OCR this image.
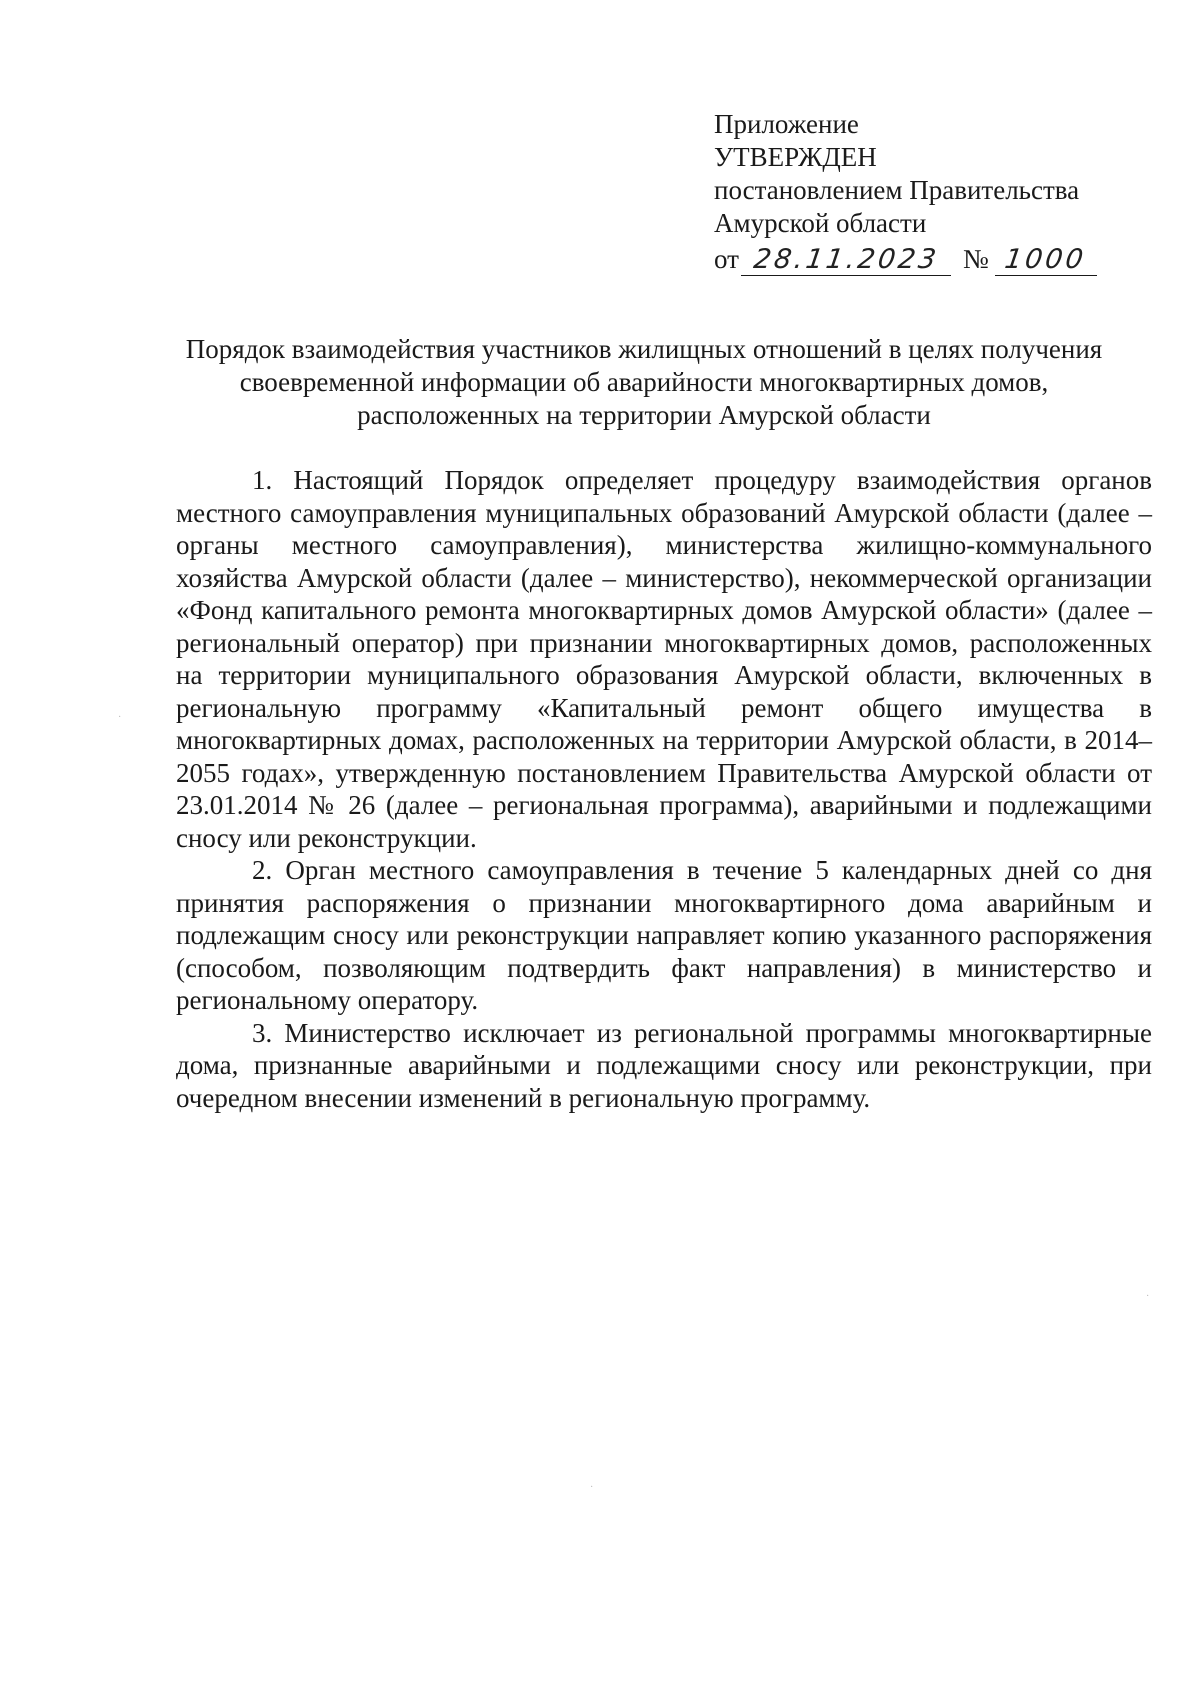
Приложение
УТВЕРЖДЕН
постановлением Правительства
Амурской области
от 28.11.2023 № 1000
Порядок взаимодействия участников жилищных отношений в целях получения
своевременной информации об аварийности многоквартирных домов,
расположенных на территории Амурской области

1. Настоящий Порядок определяет процедуру взаимодействия органов местного самоуправления муниципальных образований Амурской области (далее – органы местного самоуправления), министерства жилищно-коммунального хозяйства Амурской области (далее – министерство), некоммерческой организации «Фонд капитального ремонта многоквартирных домов Амурской области» (далее – региональный оператор) при признании многоквартирных домов, расположенных на территории муниципального образования Амурской области, включенных в региональную программу «Капитальный ремонт общего имущества в многоквартирных домах, расположенных на территории Амурской области, в 2014–2055 годах», утвержденную постановлением Правительства Амурской области от 23.01.2014 № 26 (далее – региональная программа), аварийными и подлежащими сносу или реконструкции.

2. Орган местного самоуправления в течение 5 календарных дней со дня принятия распоряжения о признании многоквартирного дома аварийным и подлежащим сносу или реконструкции направляет копию указанного распоряжения (способом, позволяющим подтвердить факт направления) в министерство и региональному оператору.

3. Министерство исключает из региональной программы многоквартирные дома, признанные аварийными и подлежащими сносу или реконструкции, при очередном внесении изменений в региональную программу.

·
·
·
